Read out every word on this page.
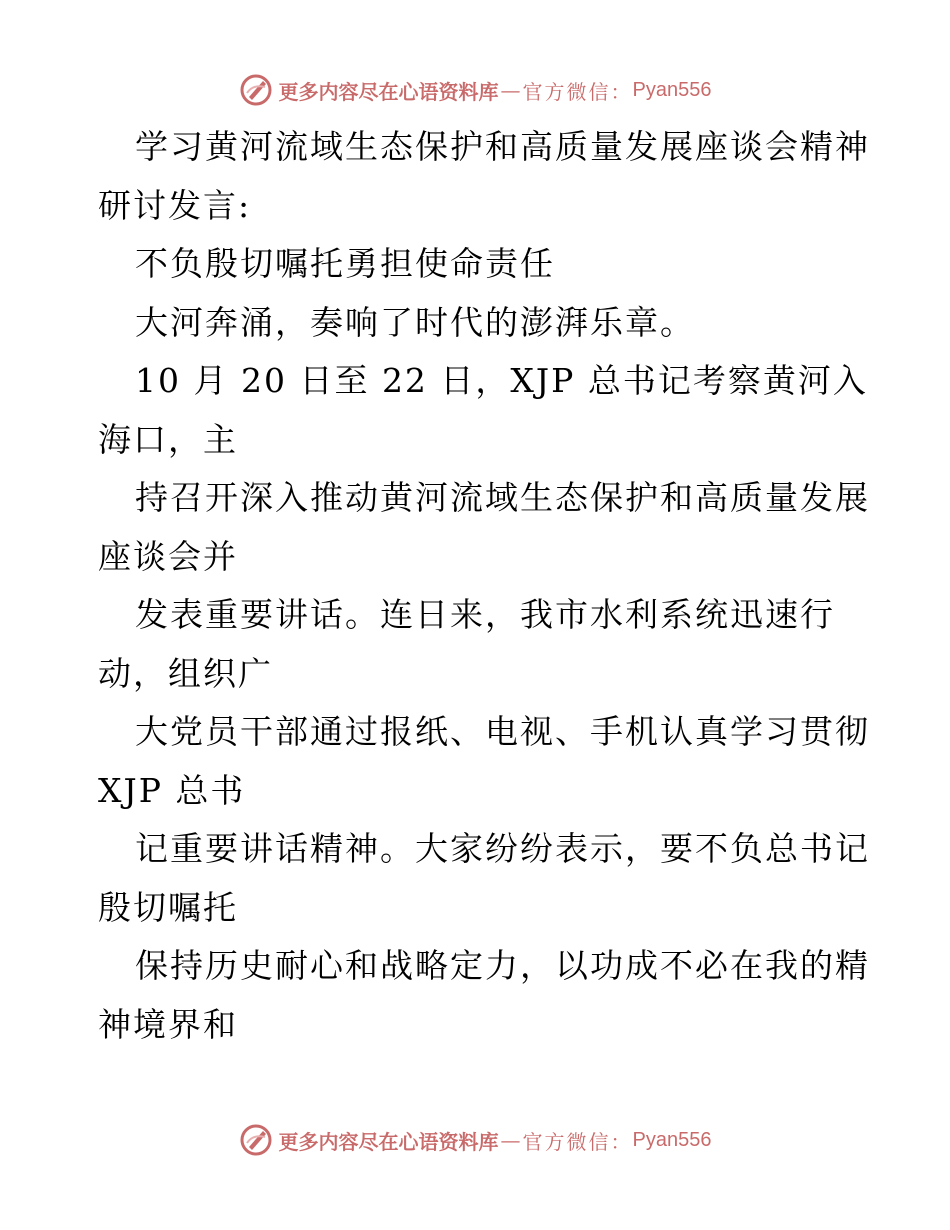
更多内容尽在心语资料库 — 官方微信： Pyan556
学习黄河流域生态保护和高质量发展座谈会精神
研讨发言:
不负殷切嘱托勇担使命责任
大河奔涌，奏响了时代的澎湃乐章。
10 月 20 日至 22 日，XJP 总书记考察黄河入
海口，主
持召开深入推动黄河流域生态保护和高质量发展
座谈会并
发表重要讲话。连日来，我市水利系统迅速行
动，组织广
大党员干部通过报纸、电视、手机认真学习贯彻
XJP 总书
记重要讲话精神。大家纷纷表示，要不负总书记
殷切嘱托
保持历史耐心和战略定力，以功成不必在我的精
神境界和
更多内容尽在心语资料库 — 官方微信： Pyan556
